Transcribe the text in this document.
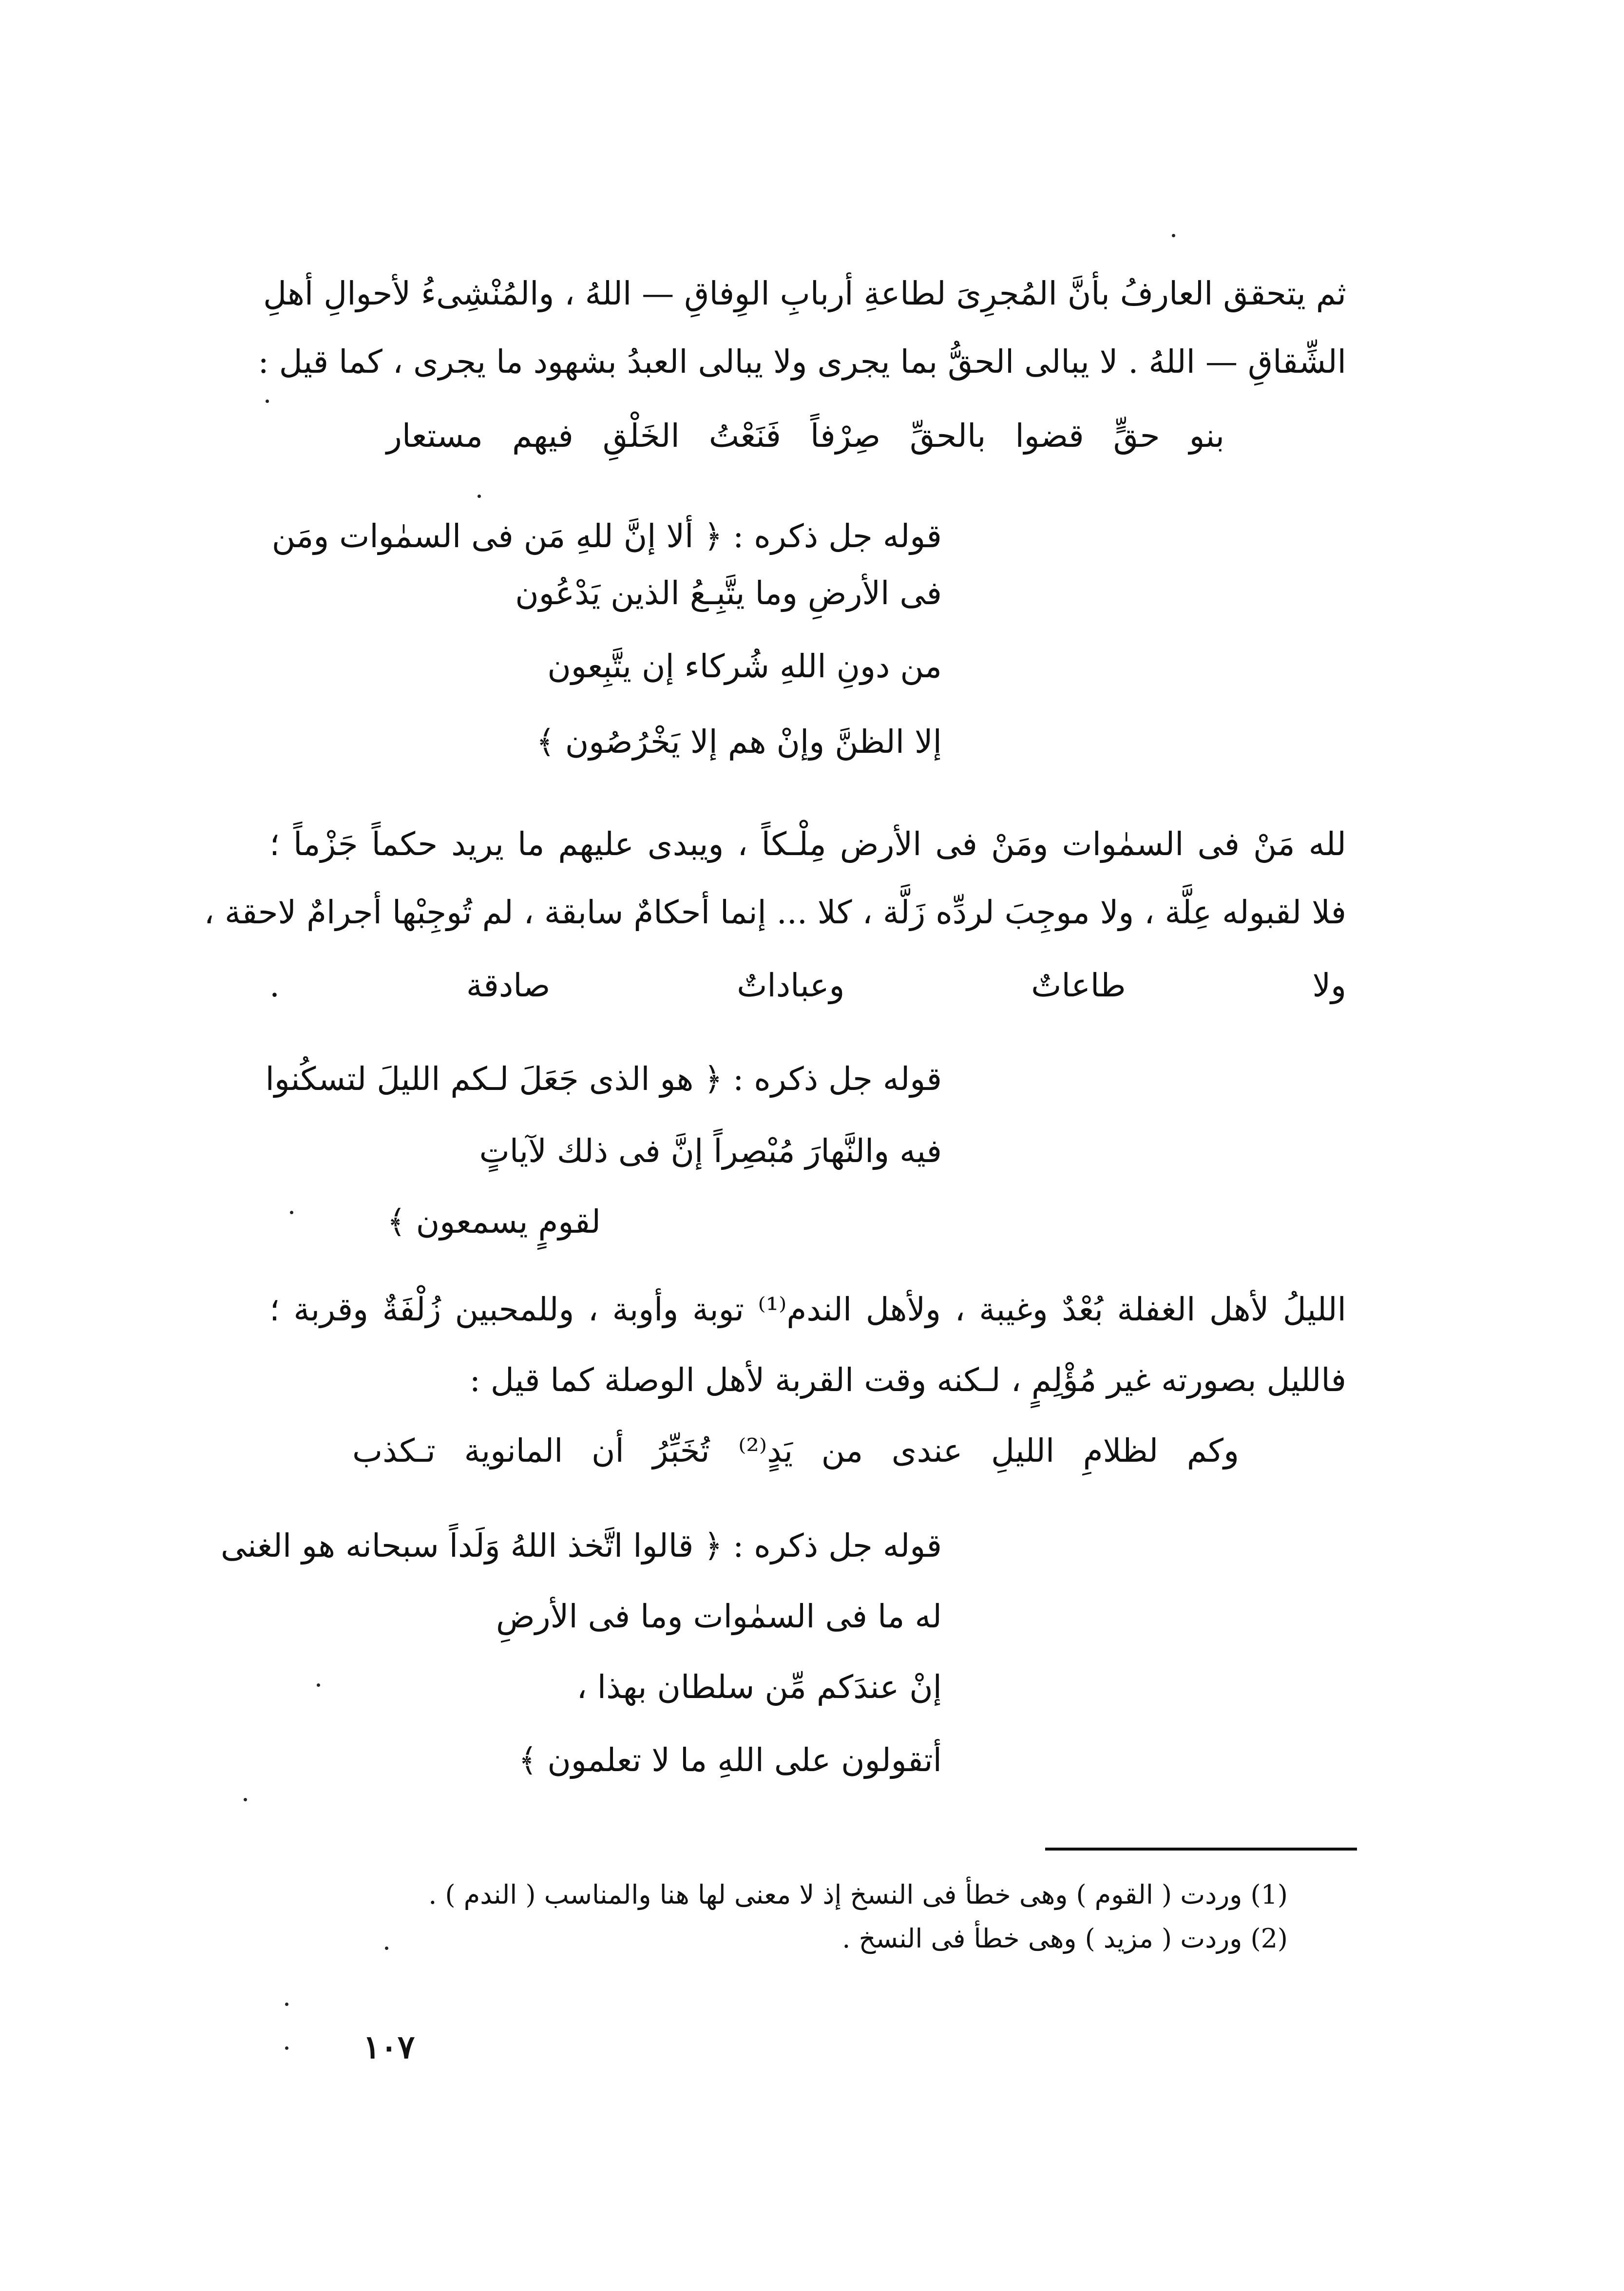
ثم يتحقق العارفُ بأنَّ المُجرِىَ لطاعةِ أربابِ الوِفاقِ — اللهُ ، والمُنْشِىءُ لأحوالِ أهلِ
الشِّقاقِ — اللهُ . لا يبالى الحقُّ بما يجرى ولا يبالى العبدُ بشهود ما يجرى ، كما قيل :
بنو حقٍّ قضوا بالحقِّ صِرْفاً فَنَعْتُ الخَلْقِ فيهم مستعار
قوله جل ذكره : ﴿ ألا إنَّ للهِ مَن فى السمٰوات ومَن
فى الأرضِ وما يتَّبِـعُ الذين يَدْعُون
من دونِ اللهِ شُركاء إن يتَّبِعون
إلا الظنَّ وإنْ هم إلا يَخْرُصُون ﴾
لله مَنْ فى السمٰوات ومَنْ فى الأرض مِلْـكاً ، ويبدى عليهم ما يريد حكماً جَزْماً ؛
فلا لقبوله عِلَّة ، ولا موجِبَ لردِّه زَلَّة ، كلا ... إنما أحكامٌ سابقة ، لم تُوجِبْها أجرامٌ لاحقة ،
ولا طاعاتٌ وعباداتٌ صادقة .
قوله جل ذكره : ﴿ هو الذى جَعَلَ لـكم الليلَ لتسكُنوا
فيه والنَّهارَ مُبْصِراً إنَّ فى ذلك لآياتٍ
لقومٍ يسمعون ﴾
الليلُ لأهل الغفلة بُعْدٌ وغيبة ، ولأهل الندم⁽¹⁾ توبة وأوبة ، وللمحبين زُلْفَةٌ وقربة ؛
فالليل بصورته غير مُؤْلِمٍ ، لـكنه وقت القربة لأهل الوصلة كما قيل :
وكم لظلامِ الليلِ عندى من يَدٍ⁽²⁾ تُخَبِّرُ أن المانوية تـكذب
قوله جل ذكره : ﴿ قالوا اتَّخذ اللهُ وَلَداً سبحانه هو الغنى
له ما فى السمٰوات وما فى الأرضِ
إنْ عندَكم مِّن سلطان بهذا ،
أتقولون على اللهِ ما لا تعلمون ﴾
(1) وردت ( القوم ) وهى خطأ فى النسخ إذ لا معنى لها هنا والمناسب ( الندم ) .
(2) وردت ( مزيد ) وهى خطأ فى النسخ .
١٠٧
